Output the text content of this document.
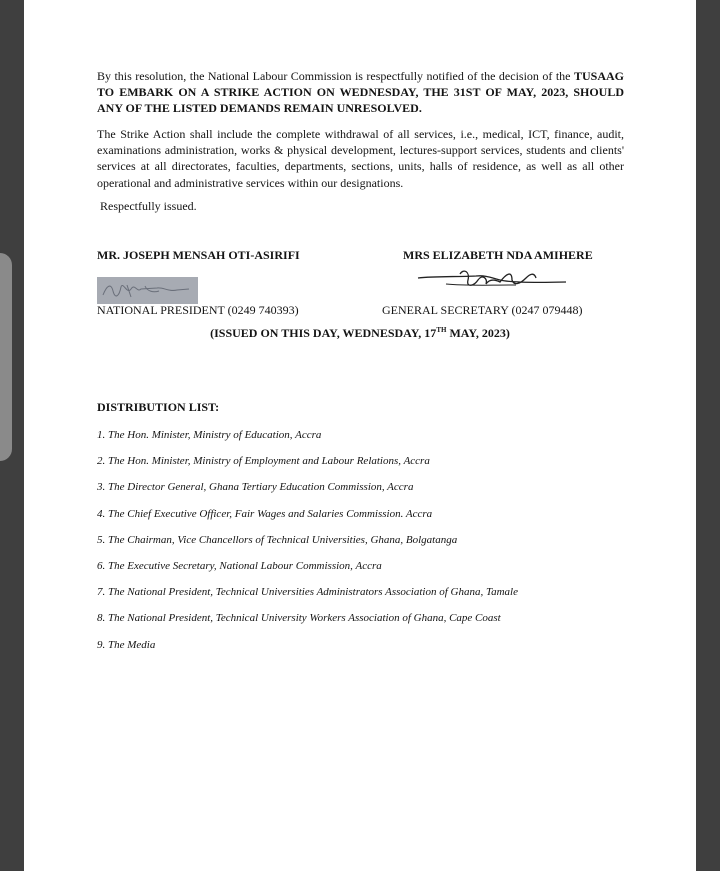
By this resolution, the National Labour Commission is respectfully notified of the decision of the TUSAAG TO EMBARK ON A STRIKE ACTION ON WEDNESDAY, THE 31ST OF MAY, 2023, SHOULD ANY OF THE LISTED DEMANDS REMAIN UNRESOLVED.

The Strike Action shall include the complete withdrawal of all services, i.e., medical, ICT, finance, audit, examinations administration, works & physical development, lectures-support services, students and clients' services at all directorates, faculties, departments, sections, units, halls of residence, as well as all other operational and administrative services within our designations.

Respectfully issued.
MR. JOSEPH MENSAH OTI-ASIRIFI	MRS ELIZABETH NDA AMIHERE
NATIONAL PRESIDENT (0249 740393)	GENERAL SECRETARY (0247 079448)
(ISSUED ON THIS DAY, WEDNESDAY, 17TH MAY, 2023)
DISTRIBUTION LIST:
1. The Hon. Minister, Ministry of Education, Accra
2. The Hon. Minister, Ministry of Employment and Labour Relations, Accra
3. The Director General, Ghana Tertiary Education Commission, Accra
4. The Chief Executive Officer, Fair Wages and Salaries Commission. Accra
5. The Chairman, Vice Chancellors of Technical Universities, Ghana, Bolgatanga
6. The Executive Secretary, National Labour Commission, Accra
7. The National President, Technical Universities Administrators Association of Ghana, Tamale
8. The National President, Technical University Workers Association of Ghana, Cape Coast
9. The Media
